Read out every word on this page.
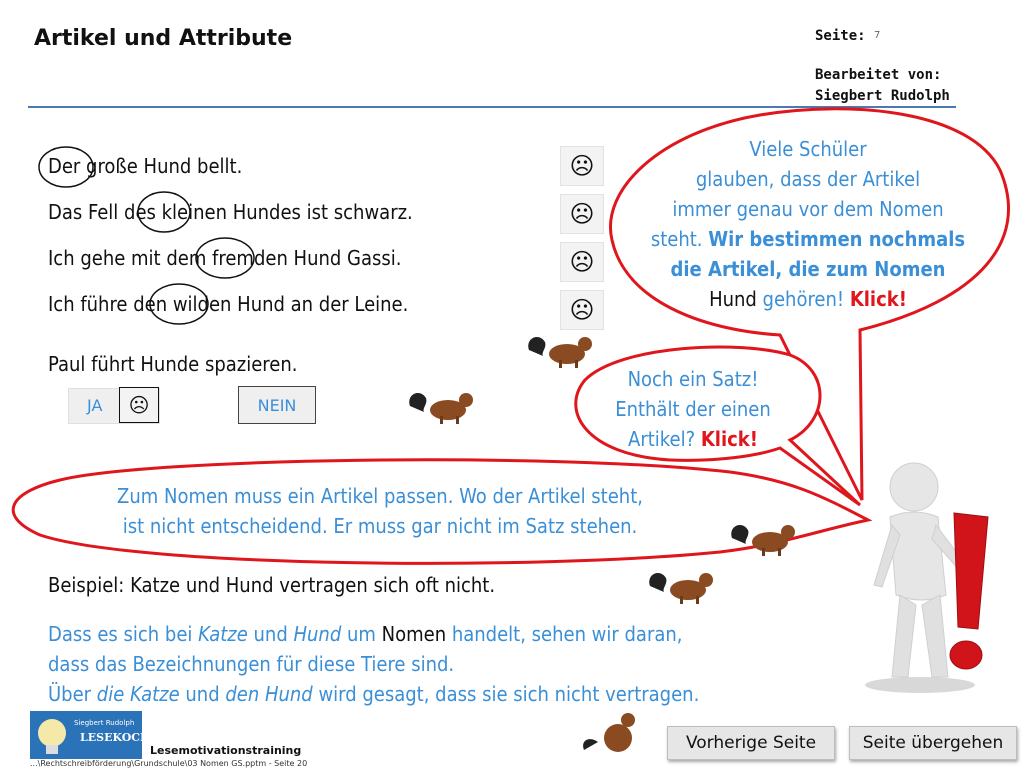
Artikel und Attribute	Seite: 7
Bearbeitet von:
Siegbert Rudolph
Der große Hund bellt.
Das Fell des kleinen Hundes ist schwarz.
Ich gehe mit dem fremden Hund Gassi.
Ich führe den wilden Hund an der Leine.
☹
☹
☹
☹
Paul führt Hunde spazieren.
JA ☹	NEIN
Viele Schüler
glauben, dass der Artikel
immer genau vor dem Nomen
steht. Wir bestimmen nochmals
die Artikel, die zum Nomen
Hund gehören! Klick!
Noch ein Satz!
Enthält der einen
Artikel? Klick!
Zum Nomen muss ein Artikel passen. Wo der Artikel steht,
ist nicht entscheidend. Er muss gar nicht im Satz stehen.
Beispiel: Katze und Hund vertragen sich oft nicht.
Dass es sich bei Katze und Hund um Nomen handelt, sehen wir daran,
dass das Bezeichnungen für diese Tiere sind.
Über die Katze und den Hund wird gesagt, dass sie sich nicht vertragen.
Siegbert Rudolph
LESEKOCH
Lesemotivationstraining
...\Rechtschreibförderung\Grundschule\03 Nomen GS.pptm - Seite 20
Vorherige Seite	Seite übergehen
